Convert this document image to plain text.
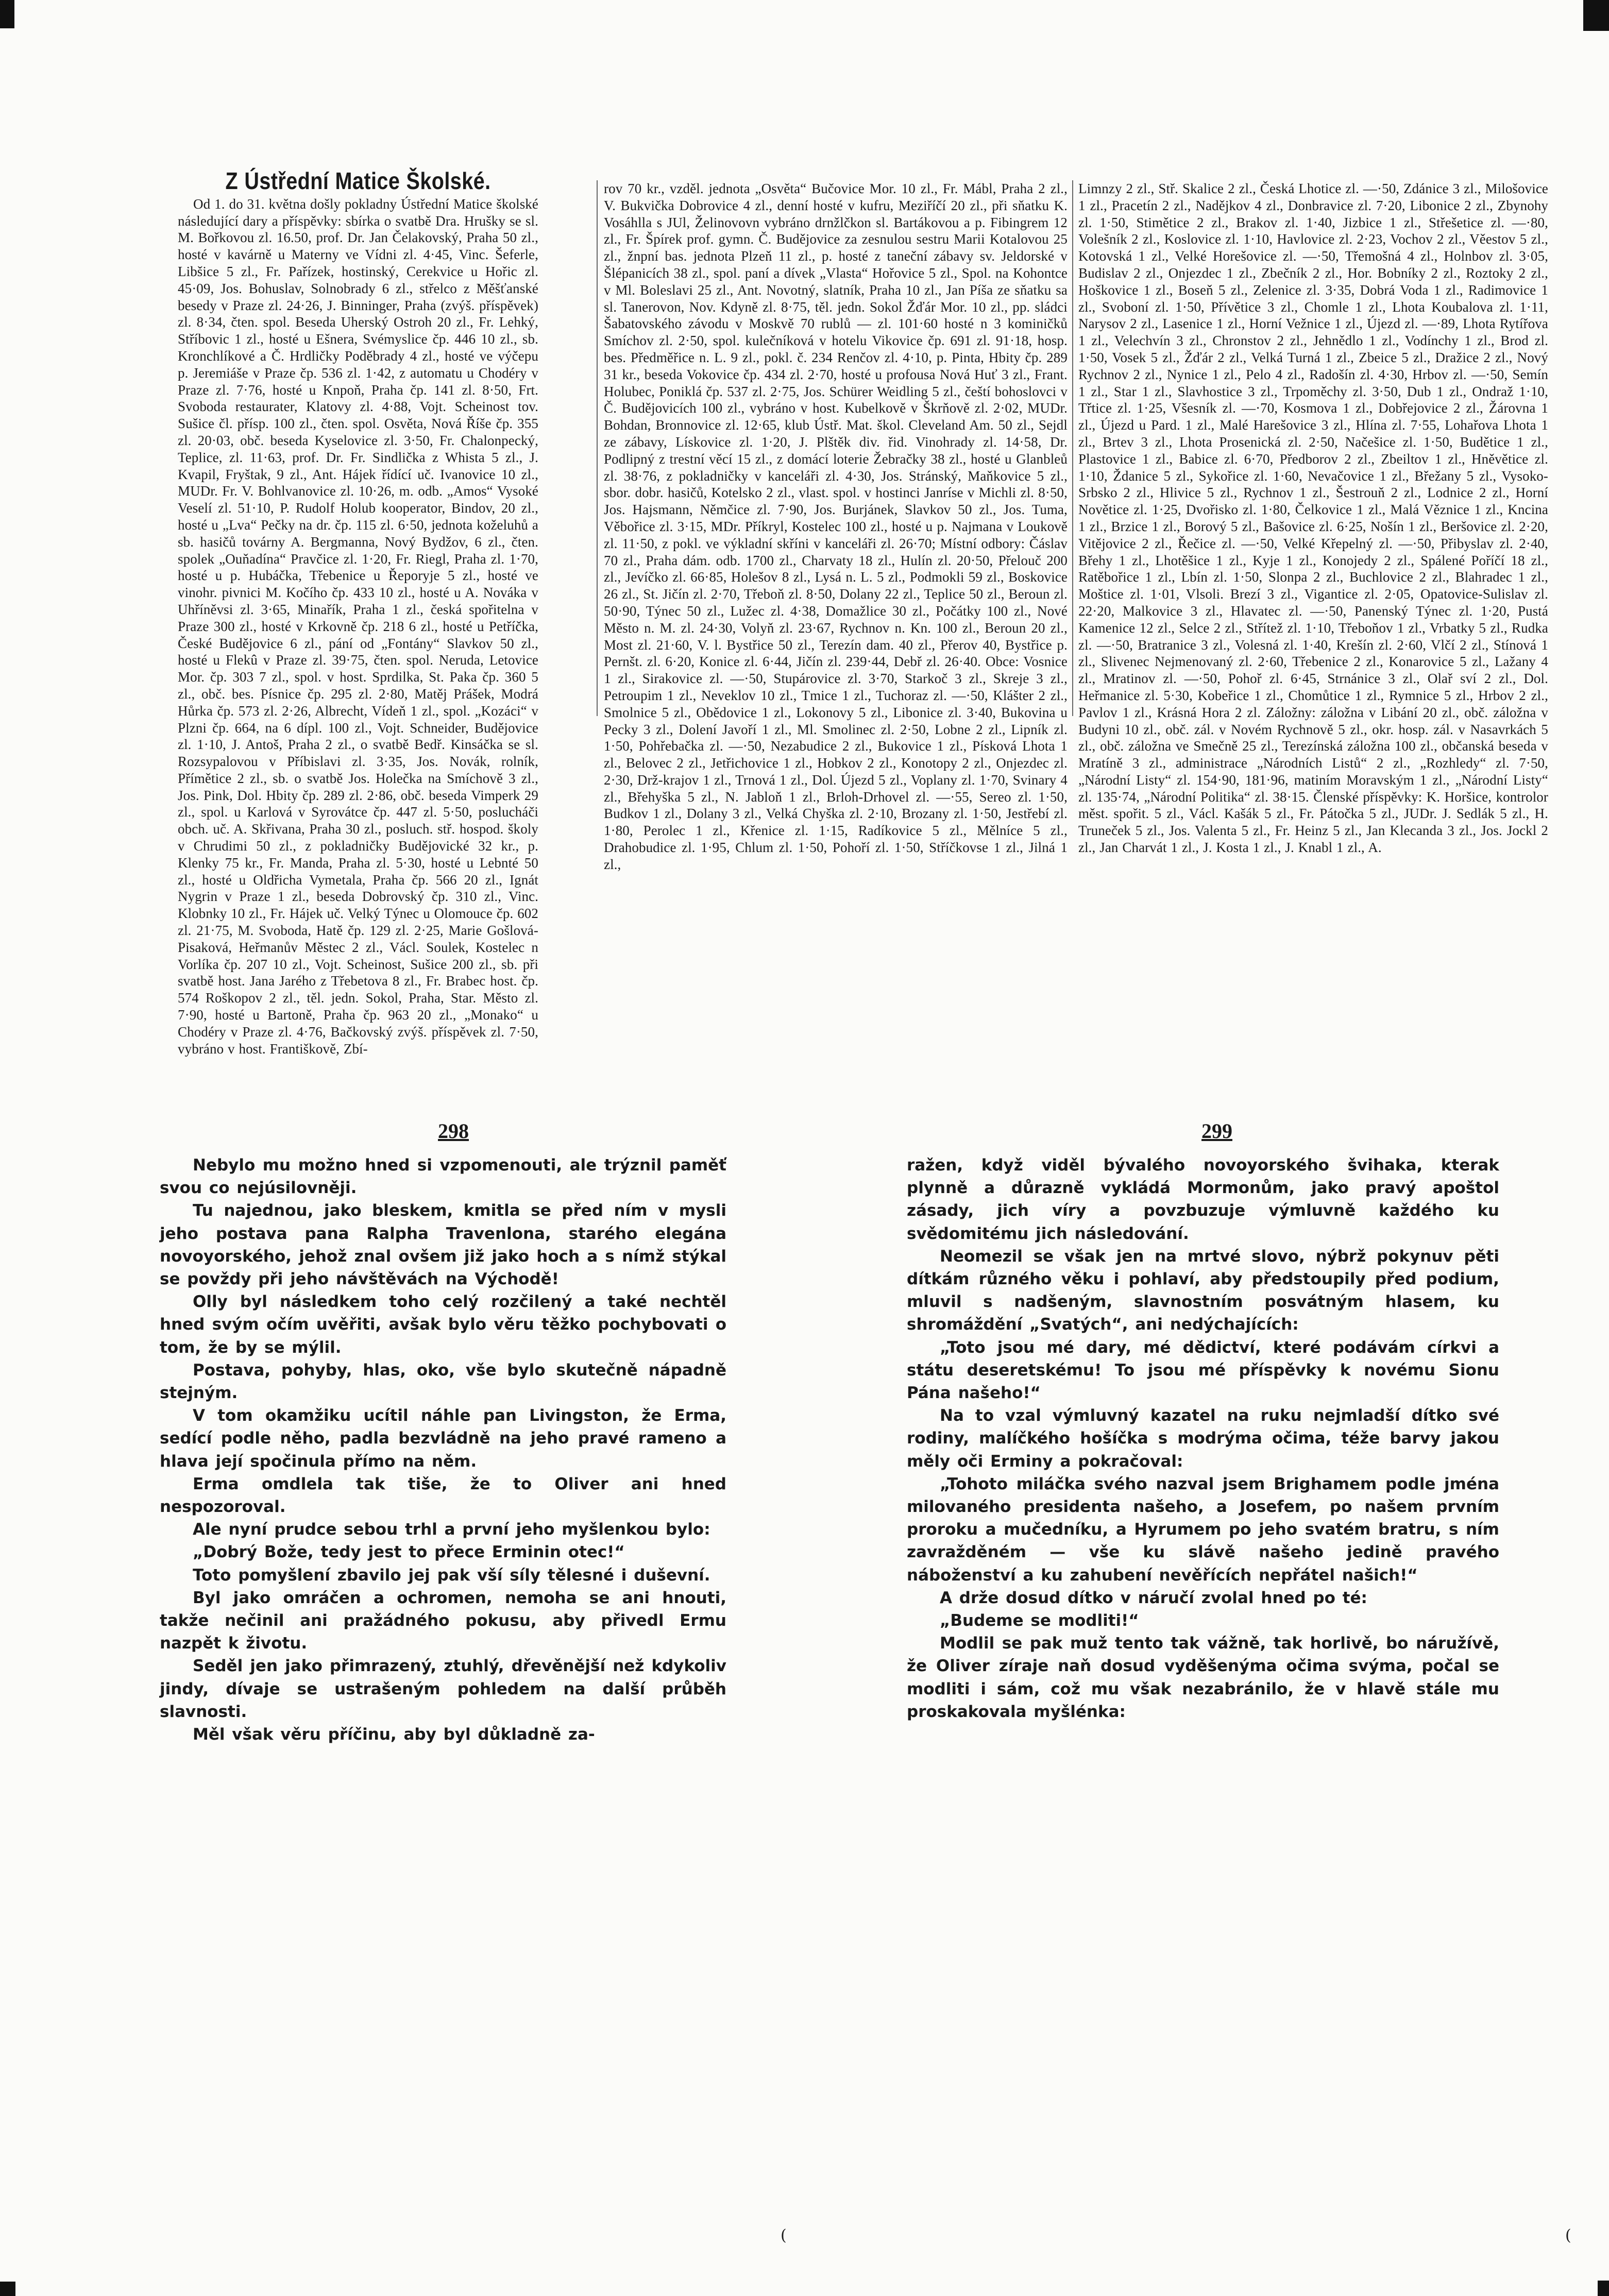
Z Ústřední Matice Školské.

Od 1. do 31. května došly pokladny Ústřední Matice školské následující dary a příspěvky: sbírka o svatbě Dra. Hrušky se sl. M. Bořkovou zl. 16.50, prof. Dr. Jan Čelakovský, Praha 50 zl., hosté v kavárně u Materny ve Vídni zl. 4·45, Vinc. Šeferle, Libšice 5 zl., Fr. Pařízek, hostinský, Cerekvice u Hořic zl. 45·09, Jos. Bohuslav, Solnobrady 6 zl., střelco z Měšťanské besedy v Praze zl. 24·26, J. Binninger, Praha (zvýš. příspěvek) zl. 8·34, čten. spol. Beseda Uherský Ostroh 20 zl., Fr. Lehký, Stříbovic 1 zl., hosté u Ešnera, Svémyslice čp. 446 10 zl., sb. Kronchlíkové a Č. Hrdličky Poděbrady 4 zl., hosté ve výčepu p. Jeremiáše v Praze čp. 536 zl. 1·42, z automatu u Chodéry v Praze zl. 7·76, hosté u Knpoň, Praha čp. 141 zl. 8·50, Frt. Svoboda restaurater, Klatovy zl. 4·88, Vojt. Scheinost tov. Sušice čl. přísp. 100 zl., čten. spol. Osvěta, Nová Říše čp. 355 zl. 20·03, obč. beseda Kyselovice zl. 3·50, Fr. Chalonpecký, Teplice, zl. 11·63, prof. Dr. Fr. Sindlička z Whista 5 zl., J. Kvapil, Fryštak, 9 zl., Ant. Hájek řídící uč. Ivanovice 10 zl., MUDr. Fr. V. Bohlvanovice zl. 10·26, m. odb. „Amos“ Vysoké Veselí zl. 51·10, P. Rudolf Holub kooperator, Bindov, 20 zl., hosté u „Lva“ Pečky na dr. čp. 115 zl. 6·50, jednota koželuhů a sb. hasičů továrny A. Bergmanna, Nový Bydžov, 6 zl., čten. spolek „Ouňadína“ Pravčice zl. 1·20, Fr. Riegl, Praha zl. 1·70, hosté u p. Hubáčka, Třebenice u Řeporyje 5 zl., hosté ve vinohr. pivnici M. Kočího čp. 433 10 zl., hosté u A. Nováka v Uhříněvsi zl. 3·65, Minařík, Praha 1 zl., česká spořitelna v Praze 300 zl., hosté v Krkovně čp. 218 6 zl., hosté u Petříčka, České Budějovice 6 zl., pání od „Fontány“ Slavkov 50 zl., hosté u Flekû v Praze zl. 39·75, čten. spol. Neruda, Letovice Mor. čp. 303 7 zl., spol. v host. Sprdilka, St. Paka čp. 360 5 zl., obč. bes. Písnice čp. 295 zl. 2·80, Matěj Prášek, Modrá Hůrka čp. 573 zl. 2·26, Albrecht, Vídeň 1 zl., spol. „Kozáci“ v Plzni čp. 664, na 6 dípl. 100 zl., Vojt. Schneider, Budějovice zl. 1·10, J. Antoš, Praha 2 zl., o svatbě Bedř. Kinsáčka se sl. Rozsypalovou v Příbislavi zl. 3·35, Jos. Novák, rolník, Přímětice 2 zl., sb. o svatbě Jos. Holečka na Smíchově 3 zl., Jos. Pink, Dol. Hbity čp. 289 zl. 2·86, obč. beseda Vimperk 29 zl., spol. u Karlová v Syrovátce čp. 447 zl. 5·50, poslucháči obch. uč. A. Skřivana, Praha 30 zl., posluch. stř. hospod. školy v Chrudimi 50 zl., z pokladničky Budějovické 32 kr., p. Klenky 75 kr., Fr. Manda, Praha zl. 5·30, hosté u Lebnté 50 zl., hosté u Oldřicha Vymetala, Praha čp. 566 20 zl., Ignát Nygrin v Praze 1 zl., beseda Dobrovský čp. 310 zl., Vinc. Klobnky 10 zl., Fr. Hájek uč. Velký Týnec u Olomouce čp. 602 zl. 21·75, M. Svoboda, Hatě čp. 129 zl. 2·25, Marie Gošlová-Pisaková, Heřmanův Městec 2 zl., Václ. Soulek, Kostelec n Vorlíka čp. 207 10 zl., Vojt. Scheinost, Sušice 200 zl., sb. při svatbě host. Jana Jarého z Třebetova 8 zl., Fr. Brabec host. čp. 574 Roškopov 2 zl., těl. jedn. Sokol, Praha, Star. Město zl. 7·90, hosté u Bartoně, Praha čp. 963 20 zl., „Monako“ u Chodéry v Praze zl. 4·76, Bačkovský zvýš. příspěvek zl. 7·50, vybráno v host. Františkově, Zbí-

rov 70 kr., vzděl. jednota „Osvěta“ Bučovice Mor. 10 zl., Fr. Mábl, Praha 2 zl., V. Bukvička Dobrovice 4 zl., denní hosté v kufru, Meziříčí 20 zl., při sňatku K. Vosáhlla s JUl, Želinovovn vybráno drnžlčkon sl. Bartákovou a p. Fibingrem 12 zl., Fr. Špírek prof. gymn. Č. Budějovice za zesnulou sestru Marii Kotalovou 25 zl., žnpní bas. jednota Plzeň 11 zl., p. hosté z taneční zábavy sv. Jeldorské v Šlépanicích 38 zl., spol. paní a dívek „Vlasta“ Hořovice 5 zl., Spol. na Kohontce v Ml. Boleslavi 25 zl., Ant. Novotný, slatník, Praha 10 zl., Jan Píša ze sňatku sa sl. Tanerovon, Nov. Kdyně zl. 8·75, těl. jedn. Sokol Žďár Mor. 10 zl., pp. sládci Šabatovského závodu v Moskvě 70 rublů — zl. 101·60 hosté n 3 kominičků Smíchov zl. 2·50, spol. kulečníková v hotelu Vikovice čp. 691 zl. 91·18, hosp. bes. Předměřice n. L. 9 zl., pokl. č. 234 Renčov zl. 4·10, p. Pinta, Hbity čp. 289 31 kr., beseda Vokovice čp. 434 zl. 2·70, hosté u profousa Nová Huť 3 zl., Frant. Holubec, Poniklá čp. 537 zl. 2·75, Jos. Schürer Weidling 5 zl., čeští bohoslovci v Č. Budějovicích 100 zl., vybráno v host. Kubelkově v Škrňově zl. 2·02, MUDr. Bohdan, Bronnovice zl. 12·65, klub Ústř. Mat. škol. Cleveland Am. 50 zl., Sejdl ze zábavy, Lískovice zl. 1·20, J. Plštěk div. řid. Vinohrady zl. 14·58, Dr. Podlipný z trestní věcí 15 zl., z domácí loterie Žebračky 38 zl., hosté u Glanbleů zl. 38·76, z pokladničky v kanceláři zl. 4·30, Jos. Stránský, Maňkovice 5 zl., sbor. dobr. hasičů, Kotelsko 2 zl., vlast. spol. v hostinci Janríse v Michli zl. 8·50, Jos. Hajsmann, Němčice zl. 7·90, Jos. Burjánek, Slavkov 50 zl., Jos. Tuma, Věbořice zl. 3·15, MDr. Příkryl, Kostelec 100 zl., hosté u p. Najmana v Loukově zl. 11·50, z pokl. ve výkladní skříni v kanceláři zl. 26·70; Místní odbory: Čáslav 70 zl., Praha dám. odb. 1700 zl., Charvaty 18 zl., Hulín zl. 20·50, Přelouč 200 zl., Jevíčko zl. 66·85, Holešov 8 zl., Lysá n. L. 5 zl., Podmokli 59 zl., Boskovice 26 zl., St. Jičín zl. 2·70, Třeboň zl. 8·50, Dolany 22 zl., Teplice 50 zl., Beroun zl. 50·90, Týnec 50 zl., Lužec zl. 4·38, Domažlice 30 zl., Počátky 100 zl., Nové Město n. M. zl. 24·30, Volyň zl. 23·67, Rychnov n. Kn. 100 zl., Beroun 20 zl., Most zl. 21·60, V. l. Bystřice 50 zl., Terezín dam. 40 zl., Přerov 40, Bystřice p. Pernšt. zl. 6·20, Konice zl. 6·44, Jičín zl. 239·44, Debř zl. 26·40. Obce: Vosnice 1 zl., Sirakovice zl. —·50, Stupárovice zl. 3·70, Starkoč 3 zl., Skreje 3 zl., Petroupim 1 zl., Neveklov 10 zl., Tmice 1 zl., Tuchoraz zl. —·50, Klášter 2 zl., Smolnice 5 zl., Obědovice 1 zl., Lokonovy 5 zl., Libonice zl. 3·40, Bukovina u Pecky 3 zl., Dolení Javoří 1 zl., Ml. Smolinec zl. 2·50, Lobne 2 zl., Lipník zl. 1·50, Pohřebačka zl. —·50, Nezabudice 2 zl., Bukovice 1 zl., Písková Lhota 1 zl., Belovec 2 zl., Jetřichovice 1 zl., Hobkov 2 zl., Konotopy 2 zl., Onjezdec zl. 2·30, Drž-krajov 1 zl., Trnová 1 zl., Dol. Újezd 5 zl., Voplany zl. 1·70, Svinary 4 zl., Břehyška 5 zl., N. Jabloň 1 zl., Brloh-Drhovel zl. —·55, Sereo zl. 1·50, Budkov 1 zl., Dolany 3 zl., Velká Chyška zl. 2·10, Brozany zl. 1·50, Jestřebí zl. 1·80, Perolec 1 zl., Křenice zl. 1·15, Radíkovice 5 zl., Mělníce 5 zl., Drahobudice zl. 1·95, Chlum zl. 1·50, Pohoří zl. 1·50, Stříčkovse 1 zl., Jilná 1 zl.,

Limnzy 2 zl., Stř. Skalice 2 zl., Česká Lhotice zl. —·50, Zdánice 3 zl., Milošovice 1 zl., Pracetín 2 zl., Nadějkov 4 zl., Donbravice zl. 7·20, Libonice 2 zl., Zbynohy zl. 1·50, Stimětice 2 zl., Brakov zl. 1·40, Jizbice 1 zl., Střešetice zl. —·80, Volešník 2 zl., Koslovice zl. 1·10, Havlovice zl. 2·23, Vochov 2 zl., Věestov 5 zl., Kotovská 1 zl., Velké Horešovice zl. —·50, Třemošná 4 zl., Holnbov zl. 3·05, Budislav 2 zl., Onjezdec 1 zl., Zbečník 2 zl., Hor. Bobníky 2 zl., Roztoky 2 zl., Hoškovice 1 zl., Boseň 5 zl., Zelenice zl. 3·35, Dobrá Voda 1 zl., Radimovice 1 zl., Svoboní zl. 1·50, Přívětice 3 zl., Chomle 1 zl., Lhota Koubalova zl. 1·11, Narysov 2 zl., Lasenice 1 zl., Horní Vežnice 1 zl., Újezd zl. —·89, Lhota Rytířova 1 zl., Velechvín 3 zl., Chronstov 2 zl., Jehnědlo 1 zl., Vodínchy 1 zl., Brod zl. 1·50, Vosek 5 zl., Žďár 2 zl., Velká Turná 1 zl., Zbeice 5 zl., Dražice 2 zl., Nový Rychnov 2 zl., Nynice 1 zl., Pelo 4 zl., Radošín zl. 4·30, Hrbov zl. —·50, Semín 1 zl., Star 1 zl., Slavhostice 3 zl., Trpoměchy zl. 3·50, Dub 1 zl., Ondraž 1·10, Třtice zl. 1·25, Všesník zl. —·70, Kosmova 1 zl., Dobřejovice 2 zl., Žárovna 1 zl., Újezd u Pard. 1 zl., Malé Harešovice 3 zl., Hlína zl. 7·55, Lohařova Lhota 1 zl., Brtev 3 zl., Lhota Prosenická zl. 2·50, Načešice zl. 1·50, Budětice 1 zl., Plastovice 1 zl., Babice zl. 6·70, Předborov 2 zl., Zbeiltov 1 zl., Hněvětice zl. 1·10, Ždanice 5 zl., Sykořice zl. 1·60, Nevačovice 1 zl., Břežany 5 zl., Vysoko-Srbsko 2 zl., Hlivice 5 zl., Rychnov 1 zl., Šestrouň 2 zl., Lodnice 2 zl., Horní Novětice zl. 1·25, Dvořisko zl. 1·80, Čelkovice 1 zl., Malá Věznice 1 zl., Kncina 1 zl., Brzice 1 zl., Borový 5 zl., Bašovice zl. 6·25, Nošín 1 zl., Beršovice zl. 2·20, Vitějovice 2 zl., Řečice zl. —·50, Velké Křepelný zl. —·50, Přibyslav zl. 2·40, Břehy 1 zl., Lhotěšice 1 zl., Kyje 1 zl., Konojedy 2 zl., Spálené Poříčí 18 zl., Ratěbořice 1 zl., Lbín zl. 1·50, Slonpa 2 zl., Buchlovice 2 zl., Blahradec 1 zl., Moštice zl. 1·01, Vlsoli. Brezí 3 zl., Vigantice zl. 2·05, Opatovice-Sulislav zl. 22·20, Malkovice 3 zl., Hlavatec zl. —·50, Panenský Týnec zl. 1·20, Pustá Kamenice 12 zl., Selce 2 zl., Střítež zl. 1·10, Třeboňov 1 zl., Vrbatky 5 zl., Rudka zl. —·50, Bratranice 3 zl., Volesná zl. 1·40, Krešín zl. 2·60, Vlčí 2 zl., Stínová 1 zl., Slivenec Nejmenovaný zl. 2·60, Třebenice 2 zl., Konarovice 5 zl., Lažany 4 zl., Mratinov zl. —·50, Pohoř zl. 6·45, Strnánice 3 zl., Olař sví 2 zl., Dol. Heřmanice zl. 5·30, Kobeřice 1 zl., Chomůtice 1 zl., Rymnice 5 zl., Hrbov 2 zl., Pavlov 1 zl., Krásná Hora 2 zl. Záložny: záložna v Libání 20 zl., obč. záložna v Budyni 10 zl., obč. zál. v Novém Rychnově 5 zl., okr. hosp. zál. v Nasavrkách 5 zl., obč. záložna ve Smečně 25 zl., Terezínská záložna 100 zl., občanská beseda v Mratíně 3 zl., administrace „Národních Listů“ 2 zl., „Rozhledy“ zl. 7·50, „Národní Listy“ zl. 154·90, 181·96, matiním Moravským 1 zl., „Národní Listy“ zl. 135·74, „Národní Politika“ zl. 38·15. Členské příspěvky: K. Horšice, kontrolor měst. spořit. 5 zl., Václ. Kašák 5 zl., Fr. Pátočka 5 zl., JUDr. J. Sedlák 5 zl., H. Truneček 5 zl., Jos. Valenta 5 zl., Fr. Heinz 5 zl., Jan Klecanda 3 zl., Jos. Jockl 2 zl., Jan Charvát 1 zl., J. Kosta 1 zl., J. Knabl 1 zl., A.

298	299

Nebylo mu možno hned si vzpomenouti, ale trýznil paměť svou co nejúsilovněji.

Tu najednou, jako bleskem, kmitla se před ním v mysli jeho postava pana Ralpha Travenlona, starého elegána novoyorského, jehož znal ovšem již jako hoch a s nímž stýkal se povždy při jeho návštěvách na Východě!

Olly byl následkem toho celý rozčilený a také nechtěl hned svým očím uvěřiti, avšak bylo věru těžko pochybovati o tom, že by se mýlil.

Postava, pohyby, hlas, oko, vše bylo skutečně nápadně stejným.

V tom okamžiku ucítil náhle pan Livingston, že Erma, sedící podle něho, padla bezvládně na jeho pravé rameno a hlava její spočinula přímo na něm.

Erma omdlela tak tiše, že to Oliver ani hned nespozoroval.

Ale nyní prudce sebou trhl a první jeho myšlenkou bylo:

„Dobrý Bože, tedy jest to přece Erminin otec!“

Toto pomyšlení zbavilo jej pak vší síly tělesné i duševní.

Byl jako omráčen a ochromen, nemoha se ani hnouti, takže nečinil ani pražádného pokusu, aby přivedl Ermu nazpět k životu.

Seděl jen jako přimrazený, ztuhlý, dřevěnější než kdykoliv jindy, dívaje se ustrašeným pohledem na další průběh slavnosti.

Měl však věru příčinu, aby byl důkladně za-

ražen, když viděl bývalého novoyorského švihaka, kterak plynně a důrazně vykládá Mormonům, jako pravý apoštol zásady, jich víry a povzbuzuje výmluvně každého ku svědomitému jich následování.

Neomezil se však jen na mrtvé slovo, nýbrž pokynuv pěti dítkám různého věku i pohlaví, aby předstoupily před podium, mluvil s nadšeným, slavnostním posvátným hlasem, ku shromáždění „Svatých“, ani nedýchajících:

„Toto jsou mé dary, mé dědictví, které podávám církvi a státu deseretskému! To jsou mé příspěvky k novému Sionu Pána našeho!“

Na to vzal výmluvný kazatel na ruku nejmladší dítko své rodiny, malíčkého hošíčka s modrýma očima, téže barvy jakou měly oči Erminy a pokračoval:

„Tohoto miláčka svého nazval jsem Brighamem podle jména milovaného presidenta našeho, a Josefem, po našem prvním proroku a mučedníku, a Hyrumem po jeho svatém bratru, s ním zavražděném — vše ku slávě našeho jedině pravého náboženství a ku zahubení nevěřících nepřátel našich!“

A drže dosud dítko v náručí zvolal hned po té:

„Budeme se modliti!“

Modlil se pak muž tento tak vážně, tak horlivě, bo náružívě, že Oliver zíraje naň dosud vyděšenýma očima svýma, počal se modliti i sám, což mu však nezabránilo, že v hlavě stále mu proskakovala myšlénka:

(	(
